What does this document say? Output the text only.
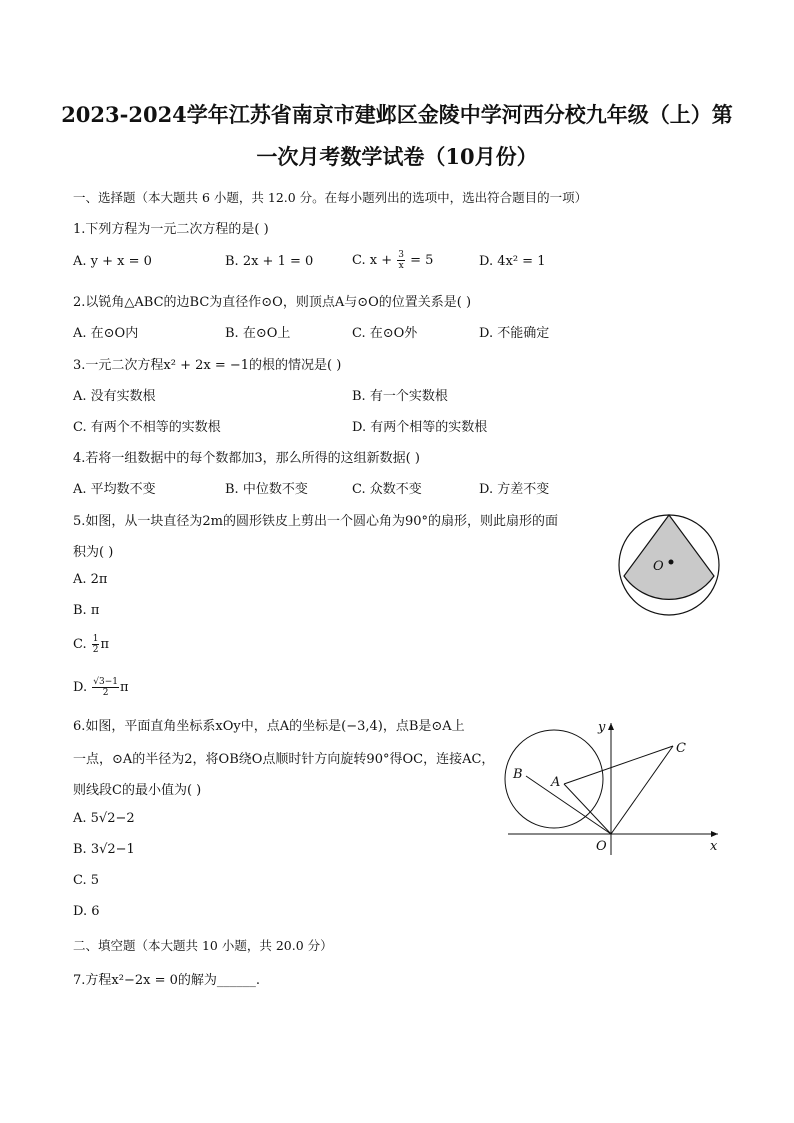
2023-2024学年江苏省南京市建邺区金陵中学河西分校九年级（上）第
一次月考数学试卷（10月份）
一、选择题（本大题共 6 小题，共 12.0 分。在每小题列出的选项中，选出符合题目的一项）
1.下列方程为一元二次方程的是( )
A. y + x = 0	B. 2x + 1 = 0	C. $x + \frac{3}{x} = 5$	D. 4x² = 1
2.以锐角△ABC的边BC为直径作⊙O，则顶点A与⊙O的位置关系是( )
A. 在⊙O内	B. 在⊙O上	C. 在⊙O外	D. 不能确定
3.一元二次方程x² + 2x = −1的根的情况是( )
A. 没有实数根	B. 有一个实数根
C. 有两个不相等的实数根	D. 有两个相等的实数根
4.若将一组数据中的每个数都加3，那么所得的这组新数据( )
A. 平均数不变	B. 中位数不变	C. 众数不变	D. 方差不变
5.如图，从一块直径为2m的圆形铁皮上剪出一个圆心角为90°的扇形，则此扇形的面
积为( )
A. 2π
B. π
C. $\frac{1}{2}$ π
D. $\frac{√3-1}{2}$ π
O
6.如图，平面直角坐标系xOy中，点A的坐标是(−3,4)，点B是⊙A上
一点，⊙A的半径为2，将OB绕O点顺时针方向旋转90°得OC，连接AC，
则线段C的最小值为( )
A. 5√2−2
B. 3√2−1
C. 5
D. 6
y
x
O
A
B
C
二、填空题（本大题共 10 小题，共 20.0 分）
7.方程x²−2x = 0的解为______.
